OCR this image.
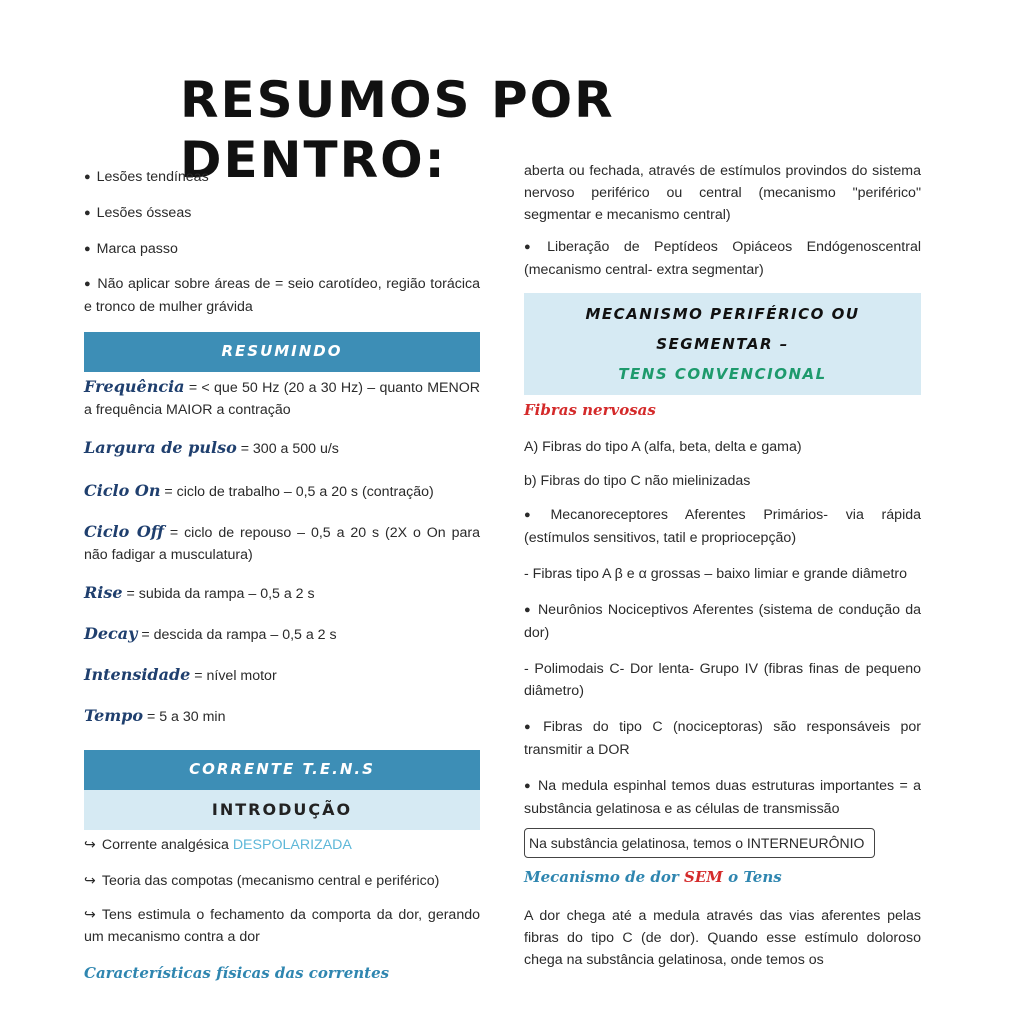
RESUMOS POR DENTRO:

● Lesões tendíneas

● Lesões ósseas

● Marca passo

● Não aplicar sobre áreas de = seio carotídeo, região torácica e tronco de mulher grávida

RESUMINDO

Frequência = < que 50 Hz (20 a 30 Hz) – quanto MENOR a frequência MAIOR a contração

Largura de pulso = 300 a 500 u/s

Ciclo On = ciclo de trabalho – 0,5 a 20 s (contração)

Ciclo Off = ciclo de repouso – 0,5 a 20 s (2X o On para não fadigar a musculatura)

Rise = subida da rampa – 0,5 a 2 s

Decay = descida da rampa – 0,5 a 2 s

Intensidade = nível motor

Tempo = 5 a 30 min

CORRENTE T.E.N.S
INTRODUÇÃO

↪ Corrente analgésica DESPOLARIZADA

↪ Teoria das compotas (mecanismo central e periférico)

↪ Tens estimula o fechamento da comporta da dor, gerando um mecanismo contra a dor

Características físicas das correntes

aberta ou fechada, através de estímulos provindos do sistema nervoso periférico ou central (mecanismo "periférico" segmentar e mecanismo central)

● Liberação de Peptídeos Opiáceos Endógenoscentral (mecanismo central- extra segmentar)

MECANISMO PERIFÉRICO OU SEGMENTAR –
TENS CONVENCIONAL

Fibras nervosas

A) Fibras do tipo A (alfa, beta, delta e gama)

b) Fibras do tipo C não mielinizadas

● Mecanoreceptores Aferentes Primários- via rápida (estímulos sensitivos, tatil e propriocepção)

- Fibras tipo A β e α grossas – baixo limiar e grande diâmetro

● Neurônios Nociceptivos Aferentes (sistema de condução da dor)

- Polimodais C- Dor lenta- Grupo IV (fibras finas de pequeno diâmetro)

● Fibras do tipo C (nociceptoras) são responsáveis por transmitir a DOR

● Na medula espinhal temos duas estruturas importantes = a substância gelatinosa e as células de transmissão

Na substância gelatinosa, temos o INTERNEURÔNIO

Mecanismo de dor SEM o Tens

A dor chega até a medula através das vias aferentes pelas fibras do tipo C (de dor). Quando esse estímulo doloroso chega na substância gelatinosa, onde temos os
